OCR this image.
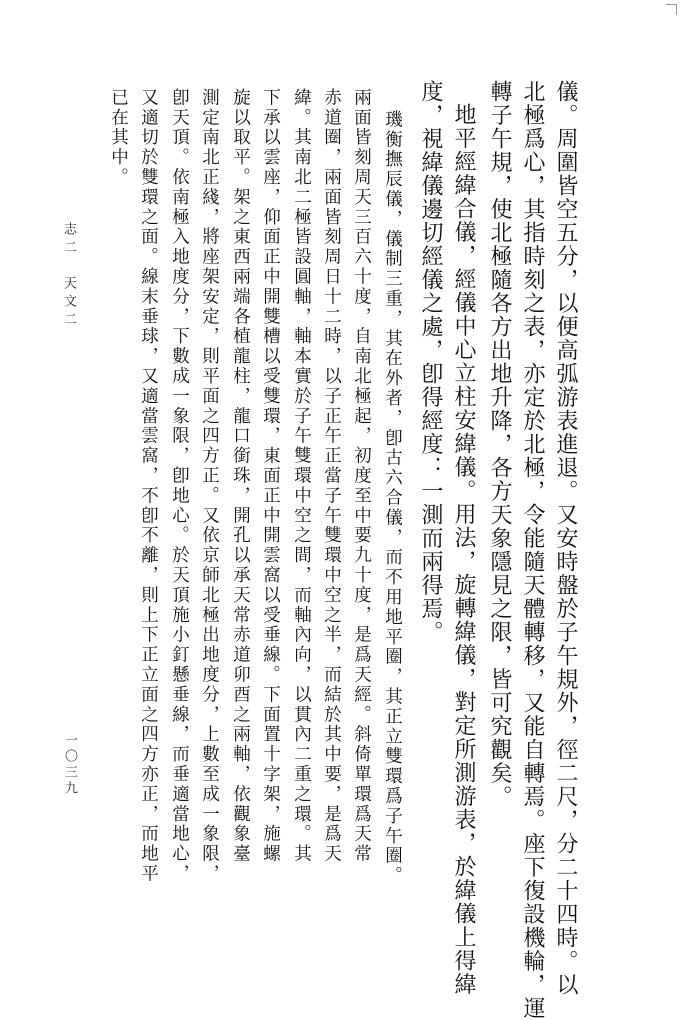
儀。周圍皆空五分，以便高弧游表進退。又安時盤於子午規外，徑二尺，分二十四時。以
北極爲心，其指時刻之表，亦定於北極，令能隨天體轉移，又能自轉焉。座下復設機輪，運
轉子午規，使北極隨各方出地升降，各方天象隱見之限，皆可究觀矣。
地平經緯合儀，經儀中心立柱安緯儀。用法，旋轉緯儀，對定所測游表，於緯儀上得緯
度，視緯儀邊切經儀之處，卽得經度：一測而兩得焉。
璣衡撫辰儀，儀制三重，其在外者，卽古六合儀，而不用地平圈，其正立雙環爲子午圈。
兩面皆刻周天三百六十度，自南北極起，初度至中要九十度，是爲天經。斜倚單環爲天常
赤道圈，兩面皆刻周日十二時，以子正午正當子午雙環中空之半，而結於其中要，是爲天
緯。其南北二極皆設圓軸，軸本實於子午雙環中空之間，而軸內向，以貫內二重之環。其
下承以雲座，仰面正中開雙槽以受雙環，東面正中開雲窩以受垂線。下面置十字架，施螺
旋以取平。架之東西兩端各植龍柱，龍口銜珠，開孔以承天常赤道卯酉之兩軸，依觀象臺
測定南北正綫，將座架安定，則平面之四方正。又依京師北極出地度分，上數至成一象限，
卽天頂。依南極入地度分，下數成一象限，卽地心。於天頂施小釘懸垂線，而垂適當地心，
又適切於雙環之面。線末垂球，又適當雲窩，不卽不離，則上下正立面之四方亦正，而地平
已在其中。
志二　天文二
一〇三九
